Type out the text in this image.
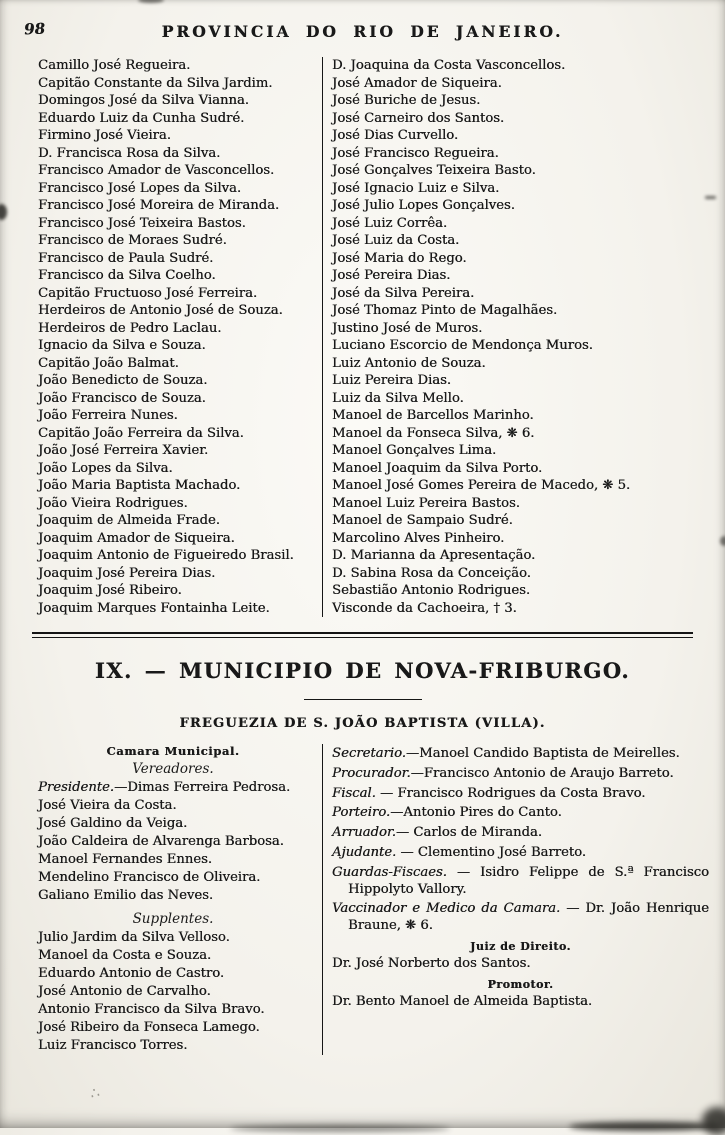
98	PROVINCIA DO RIO DE JANEIRO.
Camillo José Regueira.
Capitão Constante da Silva Jardim.
Domingos José da Silva Vianna.
Eduardo Luiz da Cunha Sudré.
Firmino José Vieira.
D. Francisca Rosa da Silva.
Francisco Amador de Vasconcellos.
Francisco José Lopes da Silva.
Francisco José Moreira de Miranda.
Francisco José Teixeira Bastos.
Francisco de Moraes Sudré.
Francisco de Paula Sudré.
Francisco da Silva Coelho.
Capitão Fructuoso José Ferreira.
Herdeiros de Antonio José de Souza.
Herdeiros de Pedro Laclau.
Ignacio da Silva e Souza.
Capitão João Balmat.
João Benedicto de Souza.
João Francisco de Souza.
João Ferreira Nunes.
Capitão João Ferreira da Silva.
João José Ferreira Xavier.
João Lopes da Silva.
João Maria Baptista Machado.
João Vieira Rodrigues.
Joaquim de Almeida Frade.
Joaquim Amador de Siqueira.
Joaquim Antonio de Figueiredo Brasil.
Joaquim José Pereira Dias.
Joaquim José Ribeiro.
Joaquim Marques Fontainha Leite.
D. Joaquina da Costa Vasconcellos.
José Amador de Siqueira.
José Buriche de Jesus.
José Carneiro dos Santos.
José Dias Curvello.
José Francisco Regueira.
José Gonçalves Teixeira Basto.
José Ignacio Luiz e Silva.
José Julio Lopes Gonçalves.
José Luiz Corrêa.
José Luiz da Costa.
José Maria do Rego.
José Pereira Dias.
José da Silva Pereira.
José Thomaz Pinto de Magalhães.
Justino José de Muros.
Luciano Escorcio de Mendonça Muros.
Luiz Antonio de Souza.
Luiz Pereira Dias.
Luiz da Silva Mello.
Manoel de Barcellos Marinho.
Manoel da Fonseca Silva, ❋ 6.
Manoel Gonçalves Lima.
Manoel Joaquim da Silva Porto.
Manoel José Gomes Pereira de Macedo, ❋ 5.
Manoel Luiz Pereira Bastos.
Manoel de Sampaio Sudré.
Marcolino Alves Pinheiro.
D. Marianna da Apresentação.
D. Sabina Rosa da Conceição.
Sebastião Antonio Rodrigues.
Visconde da Cachoeira, † 3.
IX. — MUNICIPIO DE NOVA-FRIBURGO.
FREGUEZIA DE S. JOÃO BAPTISTA (VILLA).
Camara Municipal.
Vereadores.
Presidente.—Dimas Ferreira Pedrosa.
José Vieira da Costa.
José Galdino da Veiga.
João Caldeira de Alvarenga Barbosa.
Manoel Fernandes Ennes.
Mendelino Francisco de Oliveira.
Galiano Emilio das Neves.
Supplentes.
Julio Jardim da Silva Velloso.
Manoel da Costa e Souza.
Eduardo Antonio de Castro.
José Antonio de Carvalho.
Antonio Francisco da Silva Bravo.
José Ribeiro da Fonseca Lamego.
Luiz Francisco Torres.

Secretario.—Manoel Candido Baptista de Meirelles.

Procurador.—Francisco Antonio de Araujo Barreto.

Fiscal. — Francisco Rodrigues da Costa Bravo.

Porteiro.—Antonio Pires do Canto.

Arruador.— Carlos de Miranda.

Ajudante. — Clementino José Barreto.

Guardas-Fiscaes. — Isidro Felippe de S.ª Francisco Hippolyto Vallory.

Vaccinador e Medico da Camara. — Dr. João Henrique Braune, ❋ 6.

Juiz de Direito.
Dr. José Norberto dos Santos.
Promotor.
Dr. Bento Manoel de Almeida Baptista.
∴
